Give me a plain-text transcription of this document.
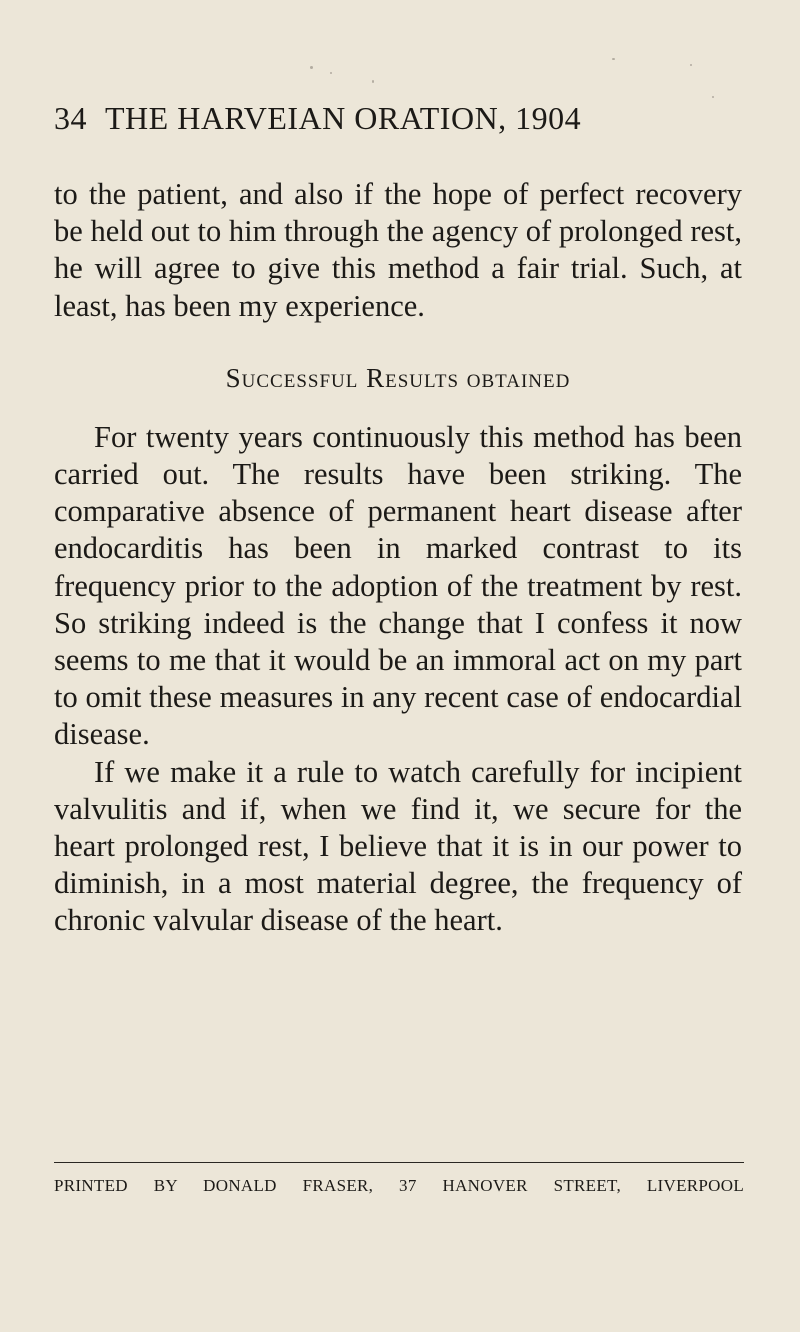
34 THE HARVEIAN ORATION, 1904

to the patient, and also if the hope of perfect recovery be held out to him through the agency of prolonged rest, he will agree to give this method a fair trial. Such, at least, has been my experience.

Successful Results obtained

For twenty years continuously this method has been carried out. The results have been striking. The comparative absence of permanent heart disease after endocarditis has been in marked contrast to its frequency prior to the adoption of the treatment by rest. So striking indeed is the change that I confess it now seems to me that it would be an immoral act on my part to omit these measures in any recent case of endocardial disease.

If we make it a rule to watch carefully for incipient valvulitis and if, when we find it, we secure for the heart prolonged rest, I believe that it is in our power to diminish, in a most material degree, the frequency of chronic valvular disease of the heart.

PRINTED BY DONALD FRASER, 37 HANOVER STREET, LIVERPOOL
